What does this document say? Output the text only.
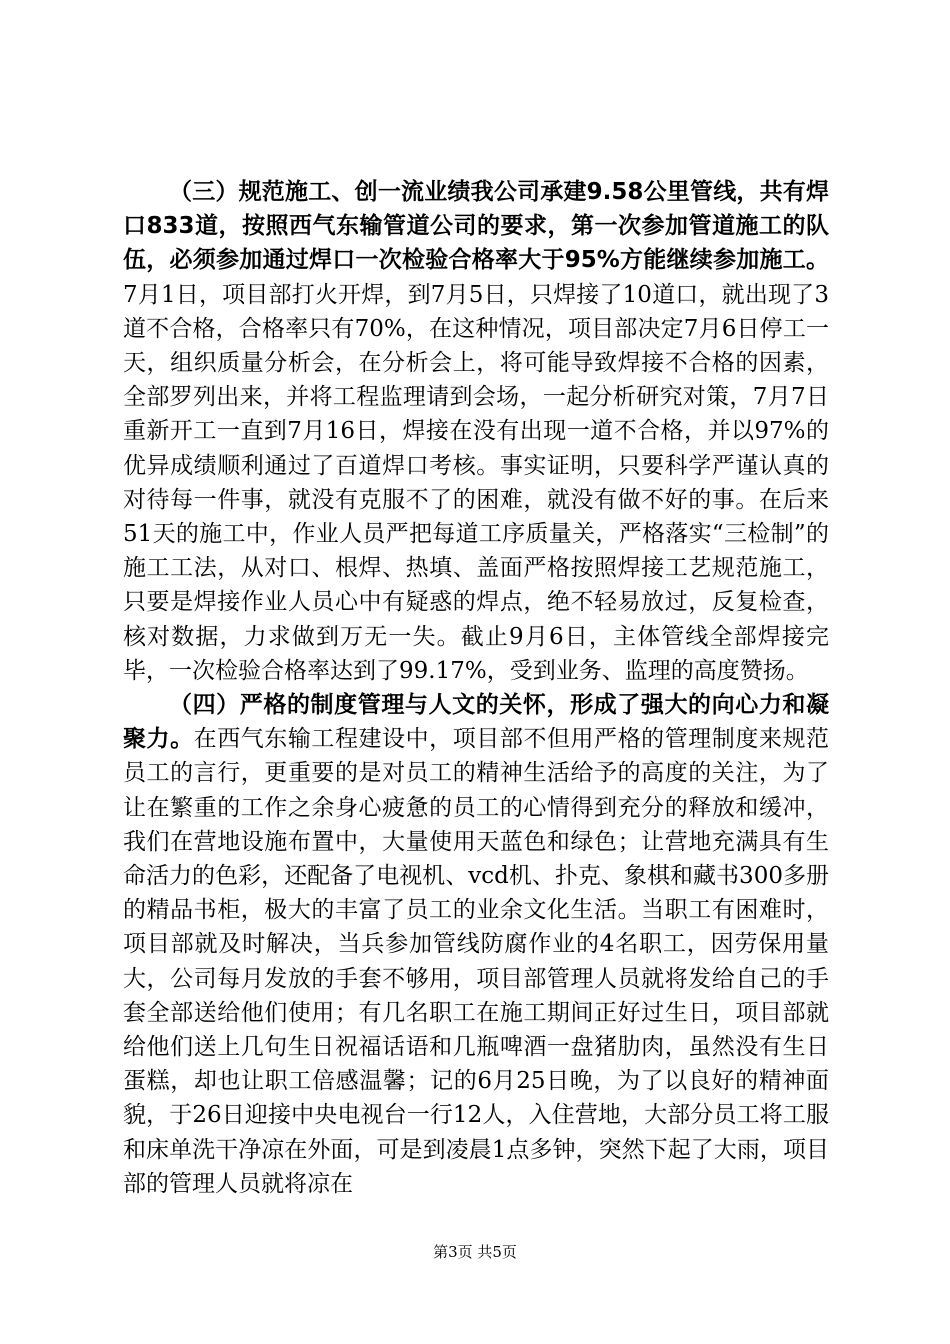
（三）规范施工、创一流业绩我公司承建9.58公里管线，共有焊口833道，按照西气东输管道公司的要求，第一次参加管道施工的队伍，必须参加通过焊口一次检验合格率大于95%方能继续参加施工。7月1日，项目部打火开焊，到7月5日，只焊接了10道口，就出现了3道不合格，合格率只有70%，在这种情况，项目部决定7月6日停工一天，组织质量分析会，在分析会上，将可能导致焊接不合格的因素，全部罗列出来，并将工程监理请到会场，一起分析研究对策，7月7日重新开工一直到7月16日，焊接在没有出现一道不合格，并以97%的优异成绩顺利通过了百道焊口考核。事实证明，只要科学严谨认真的对待每一件事，就没有克服不了的困难，就没有做不好的事。在后来51天的施工中，作业人员严把每道工序质量关，严格落实“三检制”的施工工法，从对口、根焊、热填、盖面严格按照焊接工艺规范施工，只要是焊接作业人员心中有疑惑的焊点，绝不轻易放过，反复检查，核对数据，力求做到万无一失。截止9月6日，主体管线全部焊接完毕，一次检验合格率达到了99.17%，受到业务、监理的高度赞扬。

（四）严格的制度管理与人文的关怀，形成了强大的向心力和凝聚力。在西气东输工程建设中，项目部不但用严格的管理制度来规范员工的言行，更重要的是对员工的精神生活给予的高度的关注，为了让在繁重的工作之余身心疲惫的员工的心情得到充分的释放和缓冲，我们在营地设施布置中，大量使用天蓝色和绿色；让营地充满具有生命活力的色彩，还配备了电视机、vcd机、扑克、象棋和藏书300多册的精品书柜，极大的丰富了员工的业余文化生活。当职工有困难时，项目部就及时解决，当兵参加管线防腐作业的4名职工，因劳保用量大，公司每月发放的手套不够用，项目部管理人员就将发给自己的手套全部送给他们使用；有几名职工在施工期间正好过生日，项目部就给他们送上几句生日祝福话语和几瓶啤酒一盘猪肋肉，虽然没有生日蛋糕，却也让职工倍感温馨；记的6月25日晚，为了以良好的精神面貌，于26日迎接中央电视台一行12人，入住营地，大部分员工将工服和床单洗干净凉在外面，可是到凌晨1点多钟，突然下起了大雨，项目部的管理人员就将凉在

第3页 共5页
